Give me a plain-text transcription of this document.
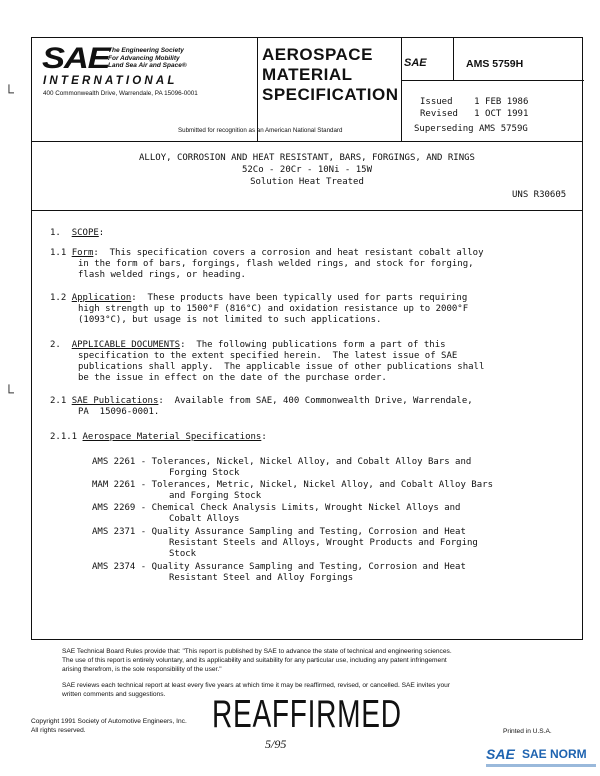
SAE
The Engineering Society
For Advancing Mobility
Land Sea Air and Space®
INTERNATIONAL
400 Commonwealth Drive, Warrendale, PA 15096-0001
AEROSPACE
MATERIAL
SPECIFICATION
SAE	AMS 5759H
Issued    1 FEB 1986
Revised   1 OCT 1991
Superseding AMS 5759G
Submitted for recognition as an American National Standard
ALLOY, CORROSION AND HEAT RESISTANT, BARS, FORGINGS, AND RINGS
52Co - 20Cr - 10Ni - 15W
Solution Heat Treated
UNS R30605
1. SCOPE:
1.1 Form:  This specification covers a corrosion and heat resistant cobalt alloy
in the form of bars, forgings, flash welded rings, and stock for forging,
flash welded rings, or heading.
1.2 Application:  These products have been typically used for parts requiring
high strength up to 1500°F (816°C) and oxidation resistance up to 2000°F
(1093°C), but usage is not limited to such applications.
2. APPLICABLE DOCUMENTS:  The following publications form a part of this
specification to the extent specified herein.  The latest issue of SAE
publications shall apply.  The applicable issue of other publications shall
be the issue in effect on the date of the purchase order.
2.1 SAE Publications:  Available from SAE, 400 Commonwealth Drive, Warrendale,
PA  15096-0001.
2.1.1 Aerospace Material Specifications:
AMS 2261 - Tolerances, Nickel, Nickel Alloy, and Cobalt Alloy Bars and
Forging Stock
MAM 2261 - Tolerances, Metric, Nickel, Nickel Alloy, and Cobalt Alloy Bars
and Forging Stock
AMS 2269 - Chemical Check Analysis Limits, Wrought Nickel Alloys and
Cobalt Alloys
AMS 2371 - Quality Assurance Sampling and Testing, Corrosion and Heat
Resistant Steels and Alloys, Wrought Products and Forging
Stock
AMS 2374 - Quality Assurance Sampling and Testing, Corrosion and Heat
Resistant Steel and Alloy Forgings
SAE Technical Board Rules provide that: "This report is published by SAE to advance the state of technical and engineering sciences.
The use of this report is entirely voluntary, and its applicability and suitability for any particular use, including any patent infringement
arising therefrom, is the sole responsibility of the user."
SAE reviews each technical report at least every five years at which time it may be reaffirmed, revised, or cancelled. SAE invites your
written comments and suggestions.
Copyright 1991 Society of Automotive Engineers, Inc.
All rights reserved.	REAFFIRMED
5/95
Printed in U.S.A.
SAE SAE NORM
└
└
